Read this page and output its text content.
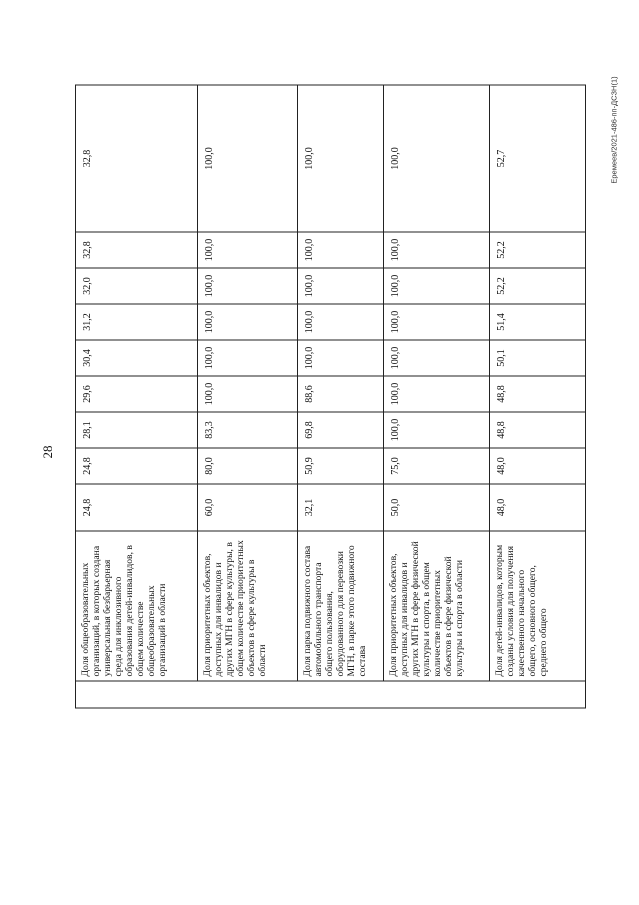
28
Еремеев/2021-486-пп-ДСЗН(1)
	Доля общеобразовательных организаций, в которых создана универсальная безбарьерная среда для инклюзивного образования детей-инвалидов, в общем количестве общеобразовательных организаций в области	24,8	24,8	28,1	29,6	30,4	31,2	32,0	32,8	32,8
	Доля приоритетных объектов, доступных для инвалидов и других МГН в сфере культуры, в общем количестве приоритетных объектов в сфере культуры в области	60,0	80,0	83,3	100,0	100,0	100,0	100,0	100,0	100,0
	Доля парка подвижного состава автомобильного транспорта общего пользования, оборудованного для перевозки МГН, в парке этого подвижного состава	32,1	50,9	69,8	88,6	100,0	100,0	100,0	100,0	100,0
	Доля приоритетных объектов, доступных для инвалидов и других МГН в сфере физической культуры и спорта, в общем количестве приоритетных объектов в сфере физической культуры и спорта в области	50,0	75,0	100,0	100,0	100,0	100,0	100,0	100,0	100,0
	Доля детей-инвалидов, которым созданы условия для получения качественного начального общего, основного общего, среднего общего	48,0	48,0	48,8	48,8	50,1	51,4	52,2	52,2	52,7
